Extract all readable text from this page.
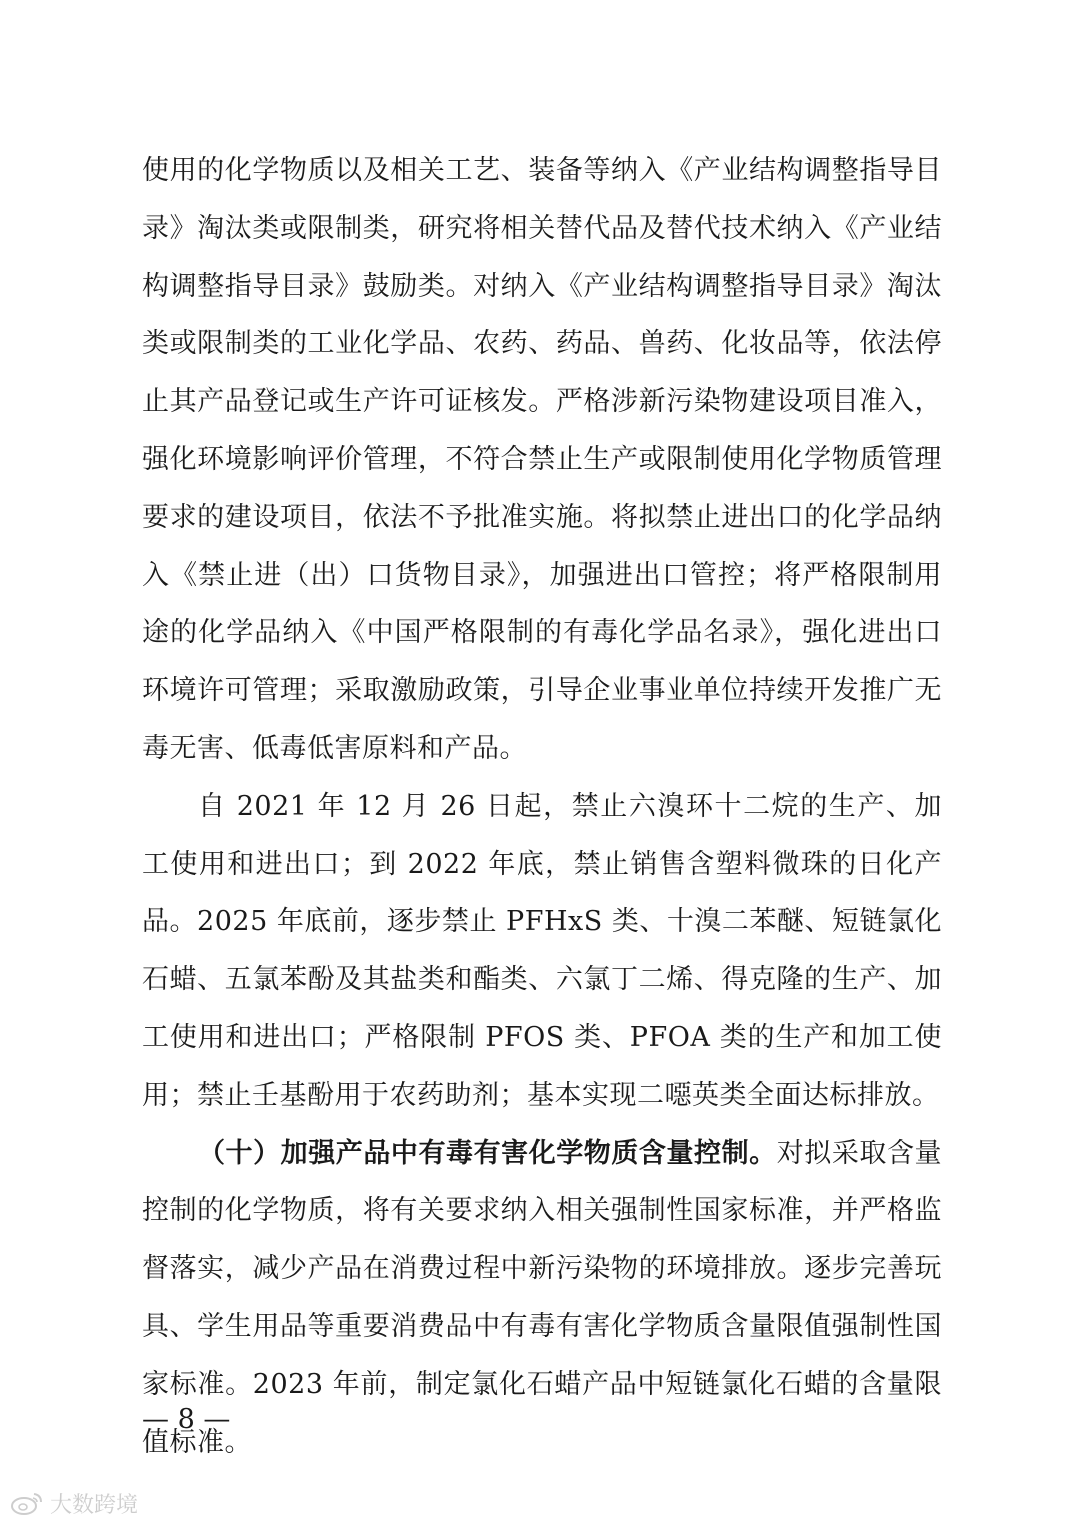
使用的化学物质以及相关工艺、装备等纳入《产业结构调整指导目录》淘汰类或限制类，研究将相关替代品及替代技术纳入《产业结构调整指导目录》鼓励类。对纳入《产业结构调整指导目录》淘汰类或限制类的工业化学品、农药、药品、兽药、化妆品等，依法停止其产品登记或生产许可证核发。严格涉新污染物建设项目准入，强化环境影响评价管理，不符合禁止生产或限制使用化学物质管理要求的建设项目，依法不予批准实施。将拟禁止进出口的化学品纳入《禁止进（出）口货物目录》，加强进出口管控；将严格限制用途的化学品纳入《中国严格限制的有毒化学品名录》，强化进出口环境许可管理；采取激励政策，引导企业事业单位持续开发推广无毒无害、低毒低害原料和产品。

自 2021 年 12 月 26 日起，禁止六溴环十二烷的生产、加工使用和进出口；到 2022 年底，禁止销售含塑料微珠的日化产品。2025 年底前，逐步禁止 PFHxS 类、十溴二苯醚、短链氯化石蜡、五氯苯酚及其盐类和酯类、六氯丁二烯、得克隆的生产、加工使用和进出口；严格限制 PFOS 类、PFOA 类的生产和加工使用；禁止壬基酚用于农药助剂；基本实现二噁英类全面达标排放。

（十）加强产品中有毒有害化学物质含量控制。对拟采取含量控制的化学物质，将有关要求纳入相关强制性国家标准，并严格监督落实，减少产品在消费过程中新污染物的环境排放。逐步完善玩具、学生用品等重要消费品中有毒有害化学物质含量限值强制性国家标准。2023 年前，制定氯化石蜡产品中短链氯化石蜡的含量限值标准。

— 8 —
大数跨境
